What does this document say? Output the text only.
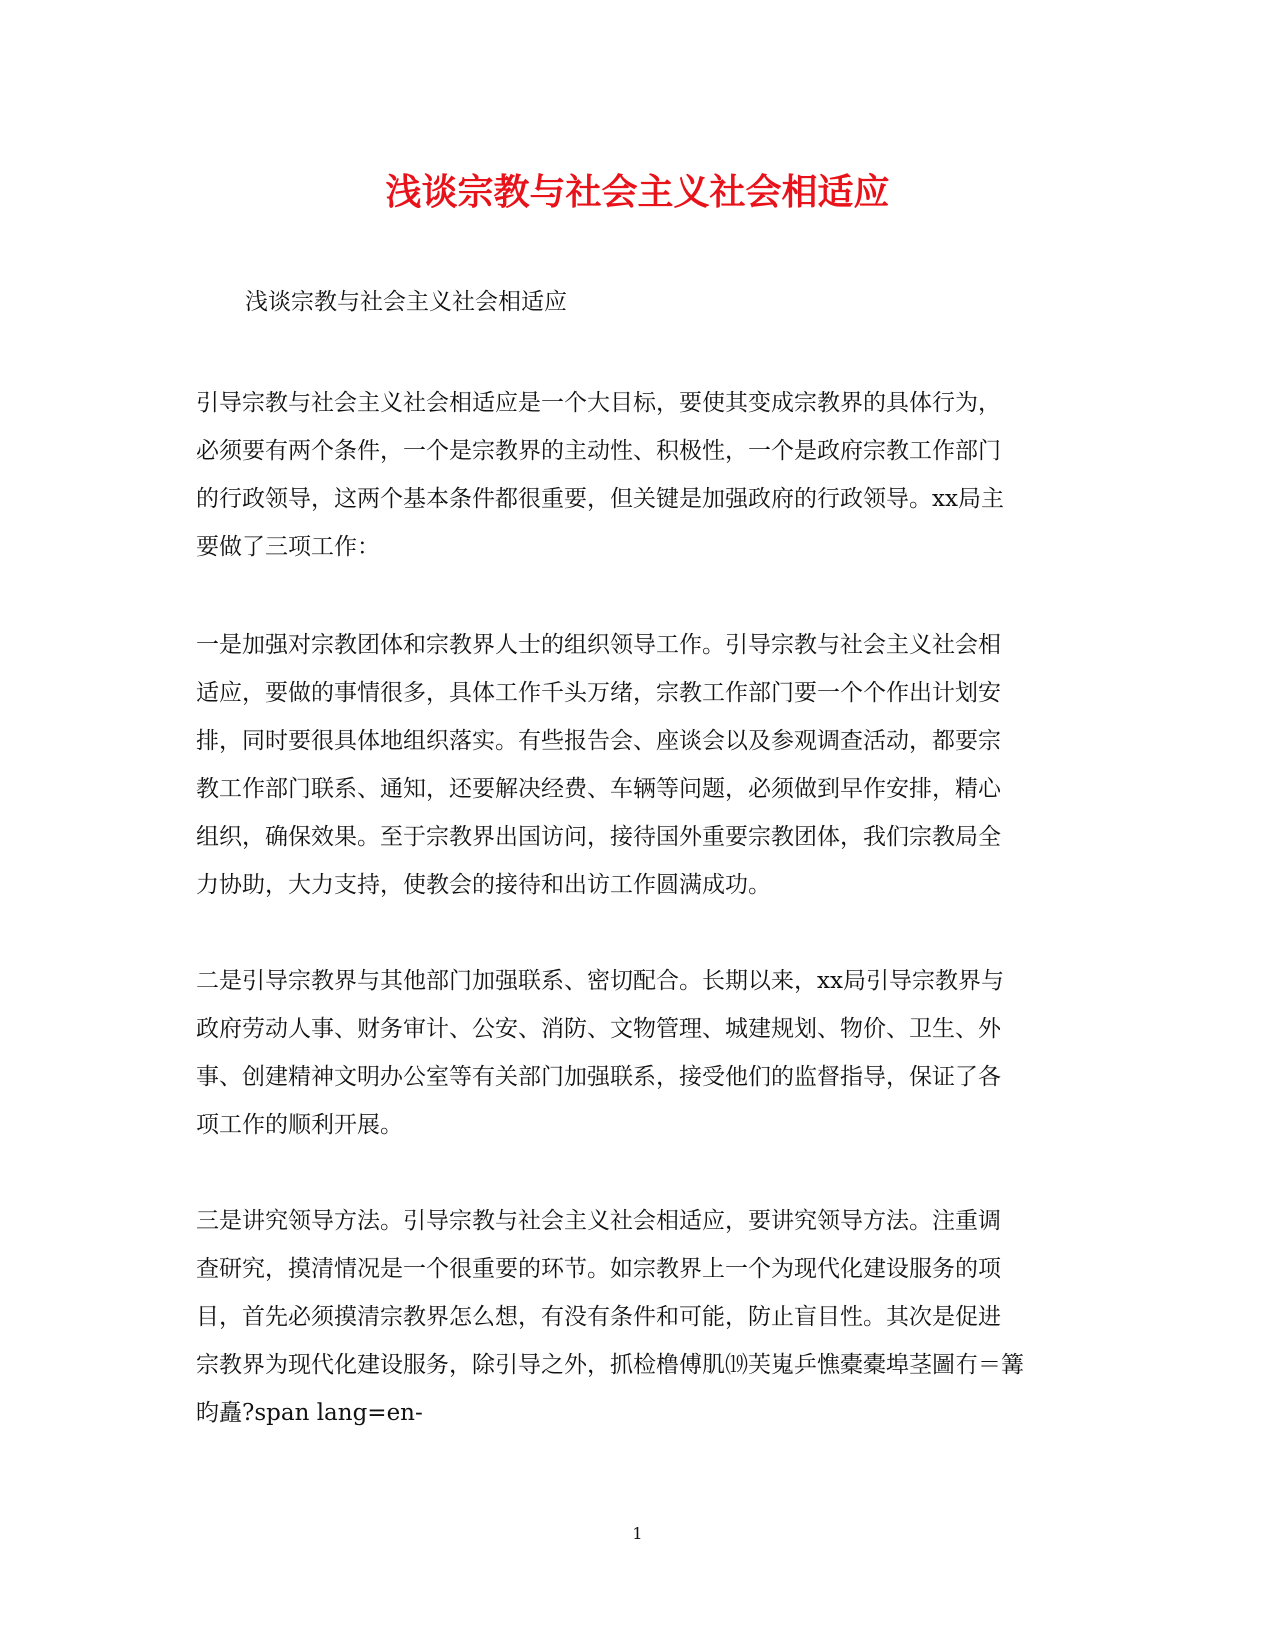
浅谈宗教与社会主义社会相适应

浅谈宗教与社会主义社会相适应

引导宗教与社会主义社会相适应是一个大目标，要使其变成宗教界的具体行为，
必须要有两个条件，一个是宗教界的主动性、积极性，一个是政府宗教工作部门
的行政领导，这两个基本条件都很重要，但关键是加强政府的行政领导。xx局主
要做了三项工作：
一是加强对宗教团体和宗教界人士的组织领导工作。引导宗教与社会主义社会相
适应，要做的事情很多，具体工作千头万绪，宗教工作部门要一个个作出计划安
排，同时要很具体地组织落实。有些报告会、座谈会以及参观调查活动，都要宗
教工作部门联系、通知，还要解决经费、车辆等问题，必须做到早作安排，精心
组织，确保效果。至于宗教界出国访问，接待国外重要宗教团体，我们宗教局全
力协助，大力支持，使教会的接待和出访工作圆满成功。
二是引导宗教界与其他部门加强联系、密切配合。长期以来，xx局引导宗教界与
政府劳动人事、财务审计、公安、消防、文物管理、城建规划、物价、卫生、外
事、创建精神文明办公室等有关部门加强联系，接受他们的监督指导，保证了各
项工作的顺利开展。
三是讲究领导方法。引导宗教与社会主义社会相适应，要讲究领导方法。注重调
查研究，摸清情况是一个很重要的环节。如宗教界上一个为现代化建设服务的项
目，首先必须摸清宗教界怎么想，有没有条件和可能，防止盲目性。其次是促进
宗教界为现代化建设服务，除引导之外，抓检橹傅肌⒆芙嵬乒憔橐橐埠茎圖冇＝篝
昀矗?span lang=en-

1
